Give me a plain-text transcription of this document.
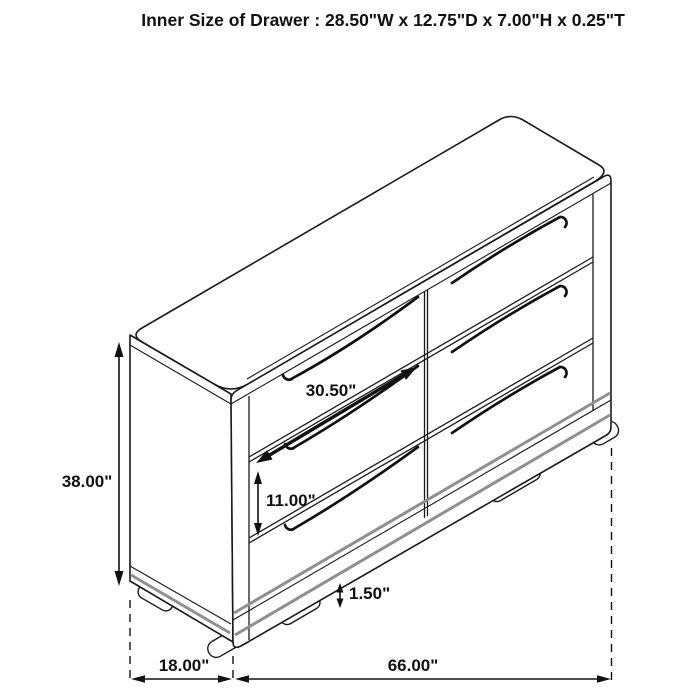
Inner Size of Drawer : 28.50"W x 12.75"D x 7.00"H x 0.25"T
38.00"
30.50"
11.00"
1.50"
18.00"	66.00"
